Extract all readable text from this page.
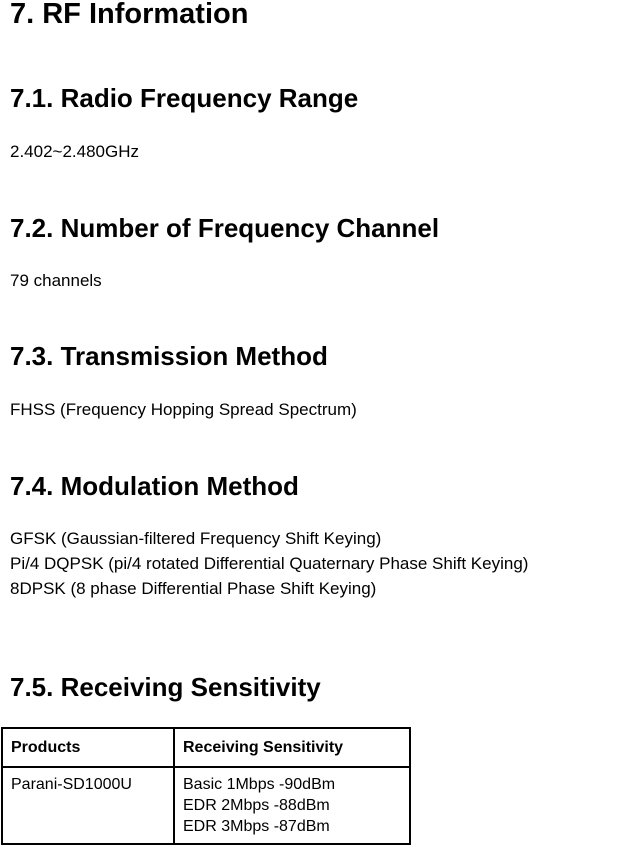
7. RF Information
7.1. Radio Frequency Range

2.402~2.480GHz

7.2. Number of Frequency Channel

79 channels

7.3. Transmission Method

FHSS (Frequency Hopping Spread Spectrum)

7.4. Modulation Method
GFSK (Gaussian-filtered Frequency Shift Keying)
Pi/4 DQPSK (pi/4 rotated Differential Quaternary Phase Shift Keying)
8DPSK (8 phase Differential Phase Shift Keying)
7.5. Receiving Sensitivity
Products	Receiving Sensitivity
Parani-SD1000U	Basic 1Mbps -90dBm
EDR 2Mbps -88dBm
EDR 3Mbps -87dBm
